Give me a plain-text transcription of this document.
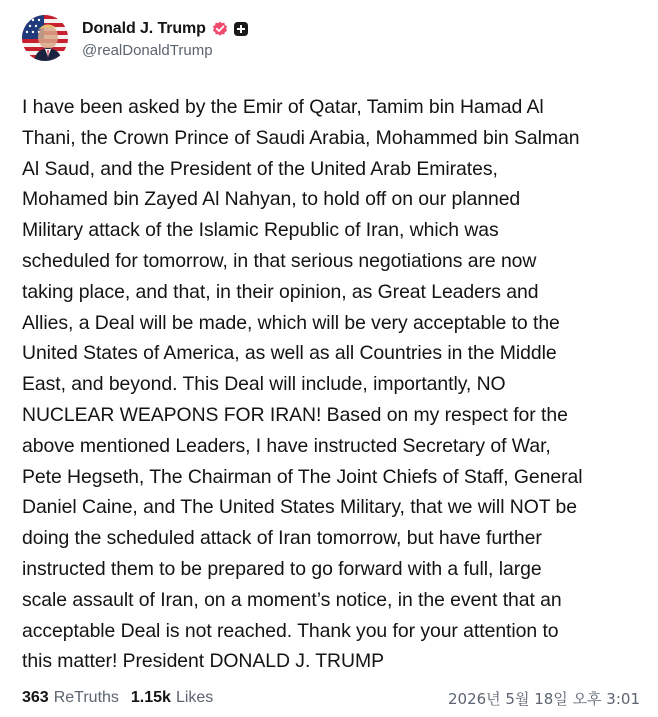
Donald J. Trump
@realDonaldTrump

I have been asked by the Emir of Qatar, Tamim bin Hamad Al
Thani, the Crown Prince of Saudi Arabia, Mohammed bin Salman
Al Saud, and the President of the United Arab Emirates,
Mohamed bin Zayed Al Nahyan, to hold off on our planned
Military attack of the Islamic Republic of Iran, which was
scheduled for tomorrow, in that serious negotiations are now
taking place, and that, in their opinion, as Great Leaders and
Allies, a Deal will be made, which will be very acceptable to the
United States of America, as well as all Countries in the Middle
East, and beyond. This Deal will include, importantly, NO
NUCLEAR WEAPONS FOR IRAN! Based on my respect for the
above mentioned Leaders, I have instructed Secretary of War,
Pete Hegseth, The Chairman of The Joint Chiefs of Staff, General
Daniel Caine, and The United States Military, that we will NOT be
doing the scheduled attack of Iran tomorrow, but have further
instructed them to be prepared to go forward with a full, large
scale assault of Iran, on a moment’s notice, in the event that an
acceptable Deal is not reached. Thank you for your attention to
this matter! President DONALD J. TRUMP

363 ReTruths 1.15k Likes	2026년 5월 18일 오후 3:01
